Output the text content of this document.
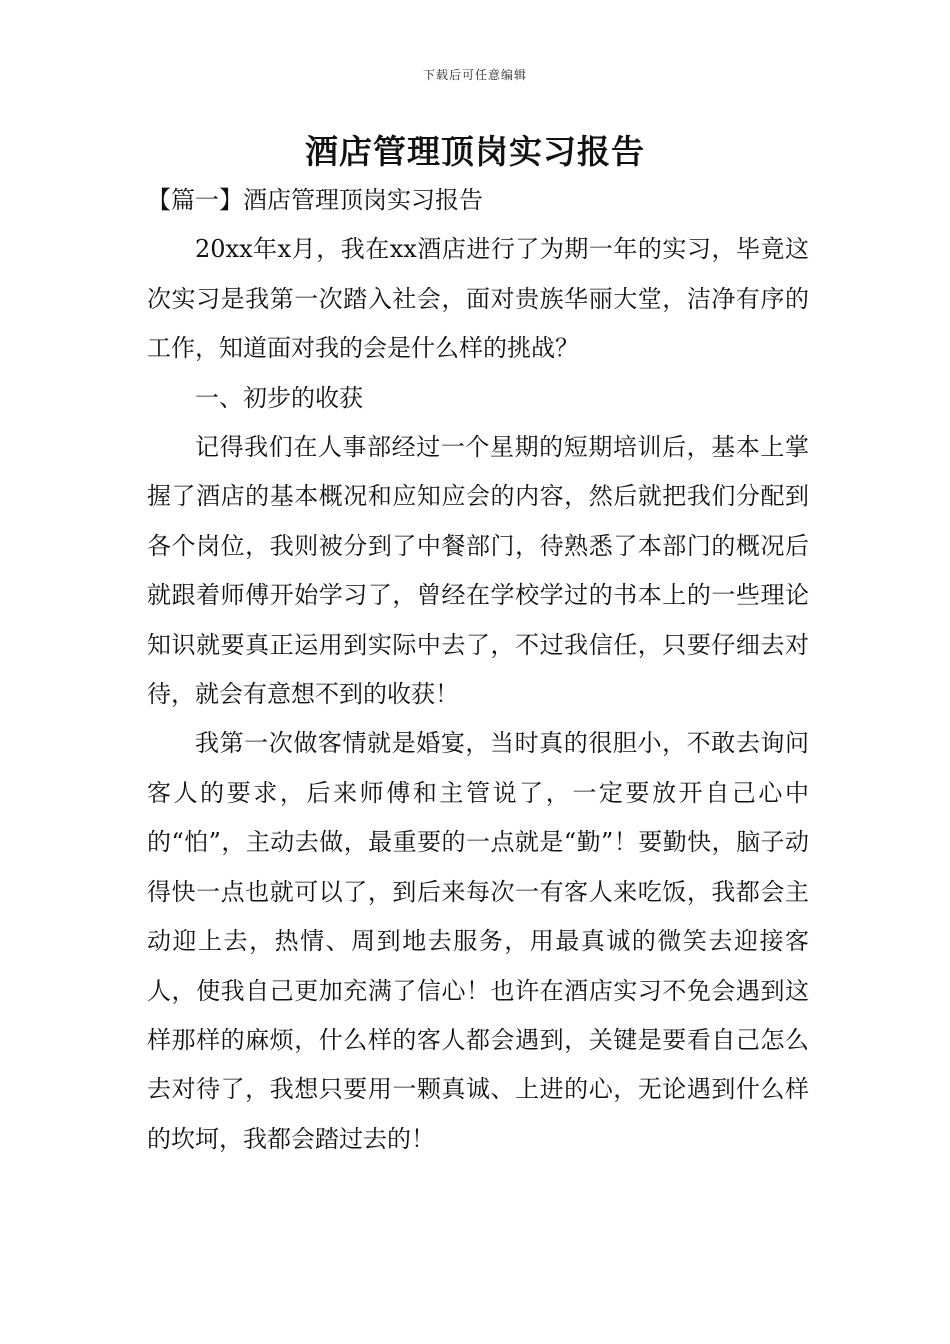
下载后可任意编辑
酒店管理顶岗实习报告

【篇一】酒店管理顶岗实习报告

20xx年x月，我在xx酒店进行了为期一年的实习，毕竟这次实习是我第一次踏入社会，面对贵族华丽大堂，洁净有序的工作，知道面对我的会是什么样的挑战？

一、初步的收获

记得我们在人事部经过一个星期的短期培训后，基本上掌握了酒店的基本概况和应知应会的内容，然后就把我们分配到各个岗位，我则被分到了中餐部门，待熟悉了本部门的概况后就跟着师傅开始学习了，曾经在学校学过的书本上的一些理论知识就要真正运用到实际中去了，不过我信任，只要仔细去对待，就会有意想不到的收获！

我第一次做客情就是婚宴，当时真的很胆小，不敢去询问客人的要求，后来师傅和主管说了，一定要放开自己心中的“怕”，主动去做，最重要的一点就是“勤”！要勤快，脑子动得快一点也就可以了，到后来每次一有客人来吃饭，我都会主动迎上去，热情、周到地去服务，用最真诚的微笑去迎接客人，使我自己更加充满了信心！也许在酒店实习不免会遇到这样那样的麻烦，什么样的客人都会遇到，关键是要看自己怎么去对待了，我想只要用一颗真诚、上进的心，无论遇到什么样的坎坷，我都会踏过去的！
